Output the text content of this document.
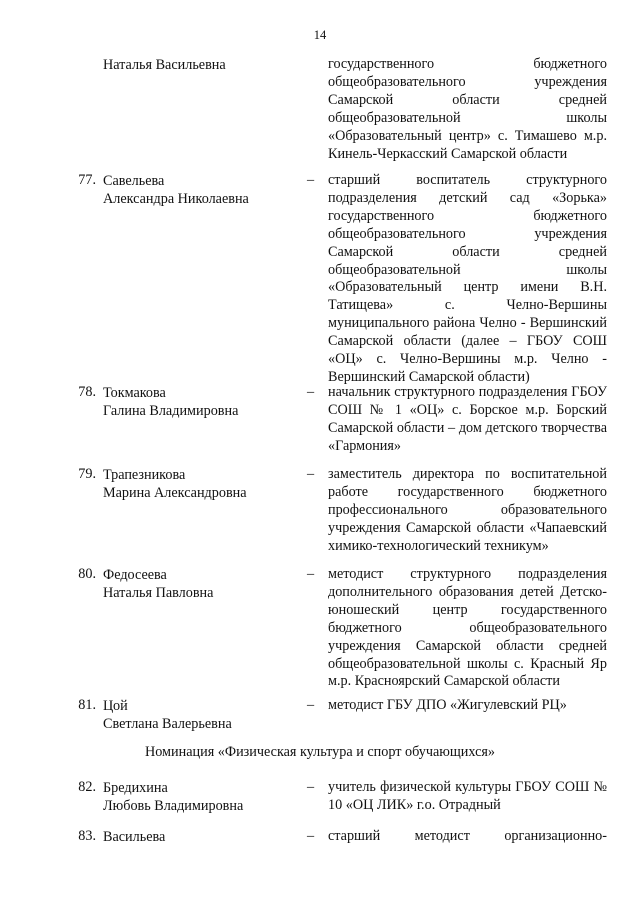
14
Наталья Васильевна	государственного бюджетного общеобразовательного учреждения Самарской области средней общеобразовательной школы «Образовательный центр» с. Тимашево м.р. Кинель-Черкасский Самарской области
77. Савельева
Александра Николаевна
– старший воспитатель структурного подразделения детский сад «Зорька» государственного бюджетного общеобразовательного учреждения Самарской области средней общеобразовательной школы «Образовательный центр имени В.Н. Татищева» с. Челно-Вершины муниципального района Челно - Вершинский Самарской области (далее – ГБОУ СОШ «ОЦ» с. Челно-Вершины м.р. Челно - Вершинский Самарской области)
78. Токмакова
Галина Владимировна
– начальник структурного подразделения ГБОУ СОШ № 1 «ОЦ» с. Борское м.р. Борский Самарской области – дом детского творчества «Гармония»
79. Трапезникова
Марина Александровна
– заместитель директора по воспитательной работе государственного бюджетного профессионального образовательного учреждения Самарской области «Чапаевский химико-технологический техникум»
80. Федосеева
Наталья Павловна
– методист структурного подразделения дополнительного образования детей Детско-юношеский центр государственного бюджетного общеобразовательного учреждения Самарской области средней общеобразовательной школы с. Красный Яр м.р. Красноярский Самарской области
81. Цой
Светлана Валерьевна
– методист ГБУ ДПО «Жигулевский РЦ»
Номинация «Физическая культура и спорт обучающихся»
82. Бредихина
Любовь Владимировна
– учитель физической культуры ГБОУ СОШ № 10 «ОЦ ЛИК» г.о. Отрадный
83. Васильева	– старший методист организационно-
